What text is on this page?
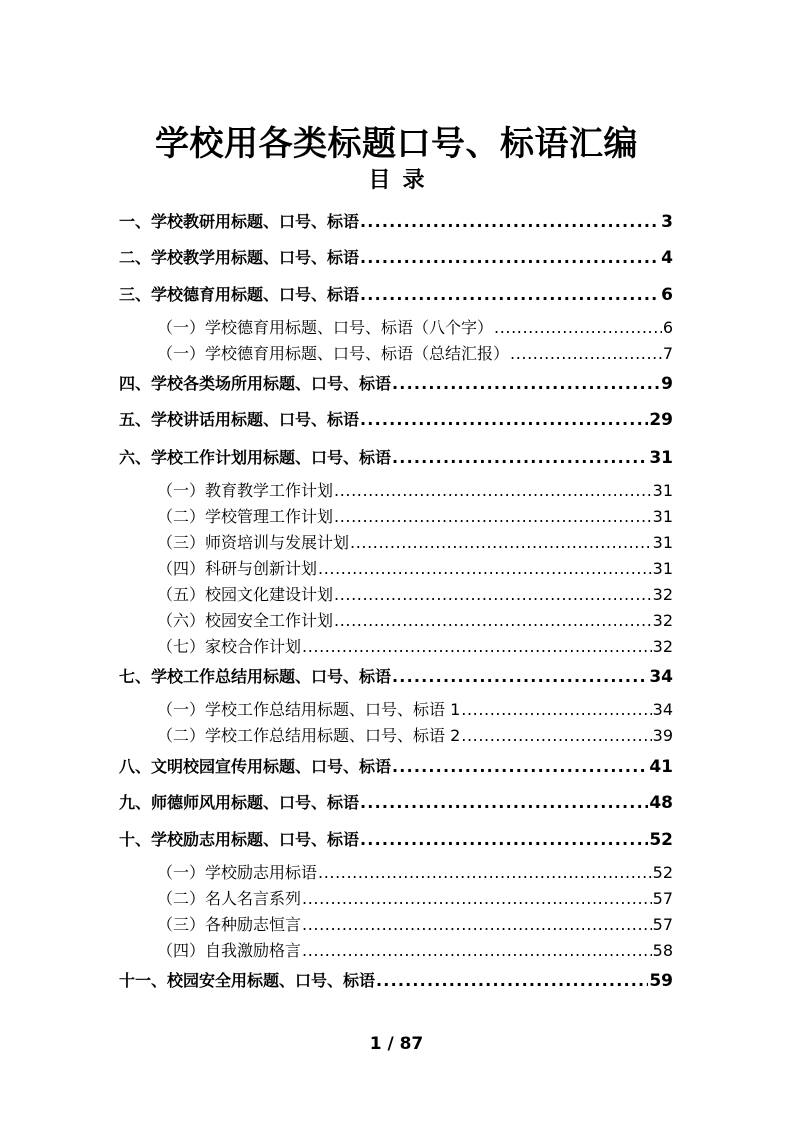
学校用各类标题口号、标语汇编
目录
一、学校教研用标题、口号、标语 .....	3
二、学校教学用标题、口号、标语 .....	4
三、学校德育用标题、口号、标语 .....	6
（一）学校德育用标题、口号、标语（八个字） .....	6
（一）学校德育用标题、口号、标语（总结汇报） .....	7
四、学校各类场所用标题、口号、标语 .....	9
五、学校讲话用标题、口号、标语 .....	29
六、学校工作计划用标题、口号、标语 .....	31
（一）教育教学工作计划 .....	31
（二）学校管理工作计划 .....	31
（三）师资培训与发展计划 .....	31
（四）科研与创新计划 .....	31
（五）校园文化建设计划 .....	32
（六）校园安全工作计划 .....	32
（七）家校合作计划 .....	32
七、学校工作总结用标题、口号、标语 .....	34
（一）学校工作总结用标题、口号、标语 1 .....	34
（二）学校工作总结用标题、口号、标语 2 .....	39
八、文明校园宣传用标题、口号、标语 .....	41
九、师德师风用标题、口号、标语 .....	48
十、学校励志用标题、口号、标语 .....	52
（一）学校励志用标语 .....	52
（二）名人名言系列 .....	57
（三）各种励志恒言 .....	57
（四）自我激励格言 .....	58
十一、校园安全用标题、口号、标语 .....	59
1 / 87
